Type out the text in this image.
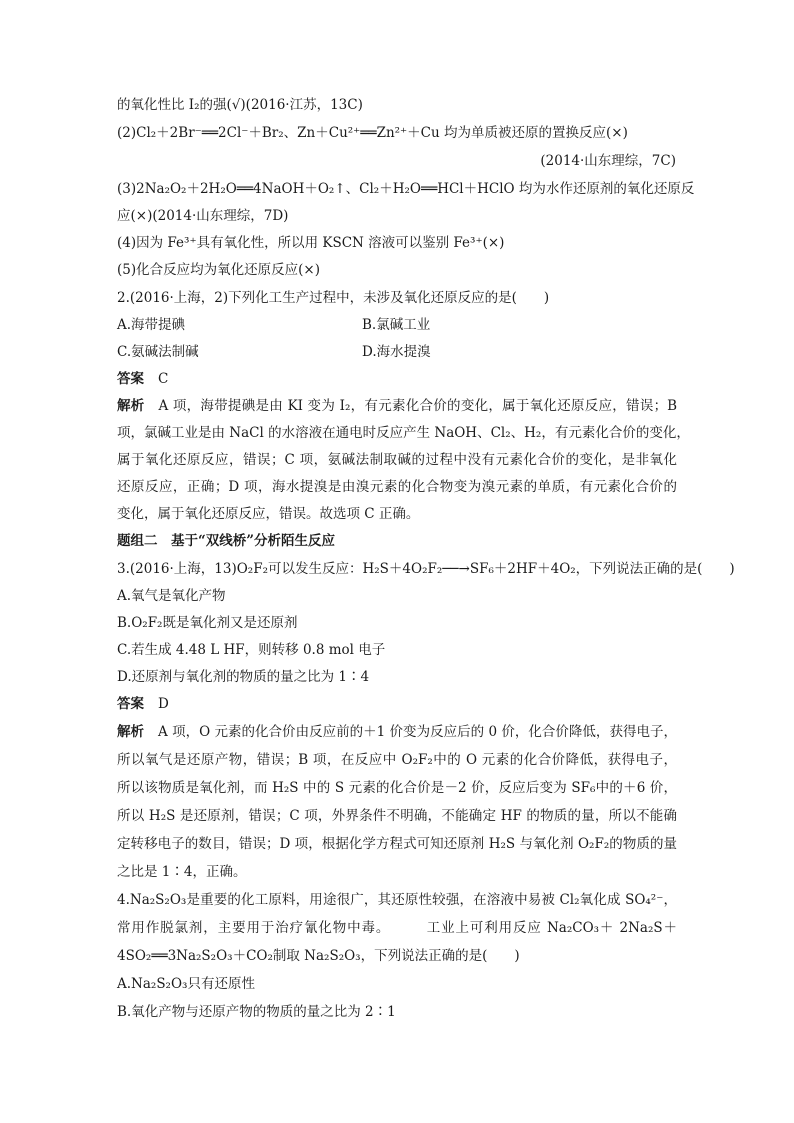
的氧化性比 I₂的强(√)(2016·江苏，13C)
(2)Cl₂＋2Br⁻══2Cl⁻＋Br₂、Zn＋Cu²⁺══Zn²⁺＋Cu 均为单质被还原的置换反应(×)
(2014·山东理综，7C)
(3)2Na₂O₂＋2H₂O══4NaOH＋O₂↑、Cl₂＋H₂O══HCl＋HClO 均为水作还原剂的氧化还原反
应(×)(2014·山东理综，7D)
(4)因为 Fe³⁺具有氧化性，所以用 KSCN 溶液可以鉴别 Fe³⁺(×)
(5)化合反应均为氧化还原反应(×)
2.(2016·上海，2)下列化工生产过程中，未涉及氧化还原反应的是(　　)
A.海带提碘	B.氯碱工业
C.氨碱法制碱	D.海水提溴
答案 C
解析 A 项，海带提碘是由 KI 变为 I₂，有元素化合价的变化，属于氧化还原反应，错误；B
项，氯碱工业是由 NaCl 的水溶液在通电时反应产生 NaOH、Cl₂、H₂，有元素化合价的变化，
属于氧化还原反应，错误；C 项，氨碱法制取碱的过程中没有元素化合价的变化，是非氧化
还原反应，正确；D 项，海水提溴是由溴元素的化合物变为溴元素的单质，有元素化合价的
变化，属于氧化还原反应，错误。故选项 C 正确。
题组二　基于“双线桥”分析陌生反应
3.(2016·上海，13)O₂F₂可以发生反应：H₂S＋4O₂F₂──→SF₆＋2HF＋4O₂，下列说法正确的是(　　)
A.氧气是氧化产物
B.O₂F₂既是氧化剂又是还原剂
C.若生成 4.48 L HF，则转移 0.8 mol 电子
D.还原剂与氧化剂的物质的量之比为 1∶4
答案 D
解析 A 项，O 元素的化合价由反应前的＋1 价变为反应后的 0 价，化合价降低，获得电子，
所以氧气是还原产物，错误；B 项，在反应中 O₂F₂中的 O 元素的化合价降低，获得电子，
所以该物质是氧化剂，而 H₂S 中的 S 元素的化合价是－2 价，反应后变为 SF₆中的＋6 价，
所以 H₂S 是还原剂，错误；C 项，外界条件不明确，不能确定 HF 的物质的量，所以不能确
定转移电子的数目，错误；D 项，根据化学方程式可知还原剂 H₂S 与氧化剂 O₂F₂的物质的量
之比是 1∶4，正确。
4.Na₂S₂O₃是重要的化工原料，用途很广，其还原性较强，在溶液中易被 Cl₂氧化成 SO₄²⁻，
常用作脱氯剂，主要用于治疗氰化物中毒。　　　工业上可利用反应 Na₂CO₃＋ 2Na₂S＋
4SO₂══3Na₂S₂O₃＋CO₂制取 Na₂S₂O₃，下列说法正确的是(　　)
A.Na₂S₂O₃只有还原性
B.氧化产物与还原产物的物质的量之比为 2∶1
